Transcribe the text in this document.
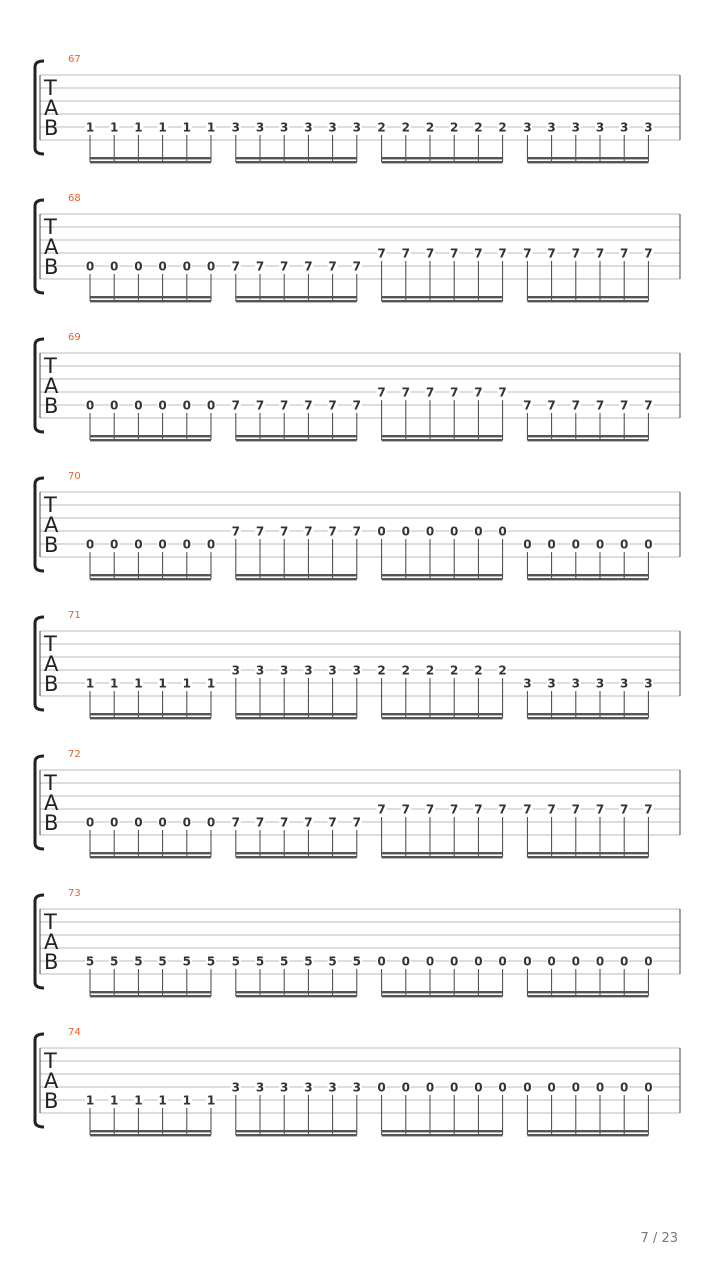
67
T
A
B 1 1 1 1 1 1 3 3 3 3 3 3 2 2 2 2 2 2 3 3 3 3 3 3
68
T
A
B 0 0 0 0 0 0 7 7 7 7 7 7
7 7 7 7 7 7 7 7 7 7 7 7
69
T
A
B 0 0 0 0 0 0 7 7 7 7 7 7
7 7 7 7 7 7
7 7 7 7 7 7
70
T
A
B 0 0 0 0 0 0
7 7 7 7 7 7 0 0 0 0 0 0
0 0 0 0 0 0
71
T
A
B 1 1 1 1 1 1
3 3 3 3 3 3 2 2 2 2 2 2
3 3 3 3 3 3
72
T
A
B 0 0 0 0 0 0 7 7 7 7 7 7
7 7 7 7 7 7 7 7 7 7 7 7
73
T
A
B 5 5 5 5 5 5 5 5 5 5 5 5 0 0 0 0 0 0 0 0 0 0 0 0
74
T
A
B 1 1 1 1 1 1
3 3 3 3 3 3 0 0 0 0 0 0 0 0 0 0 0 0
7 / 23
